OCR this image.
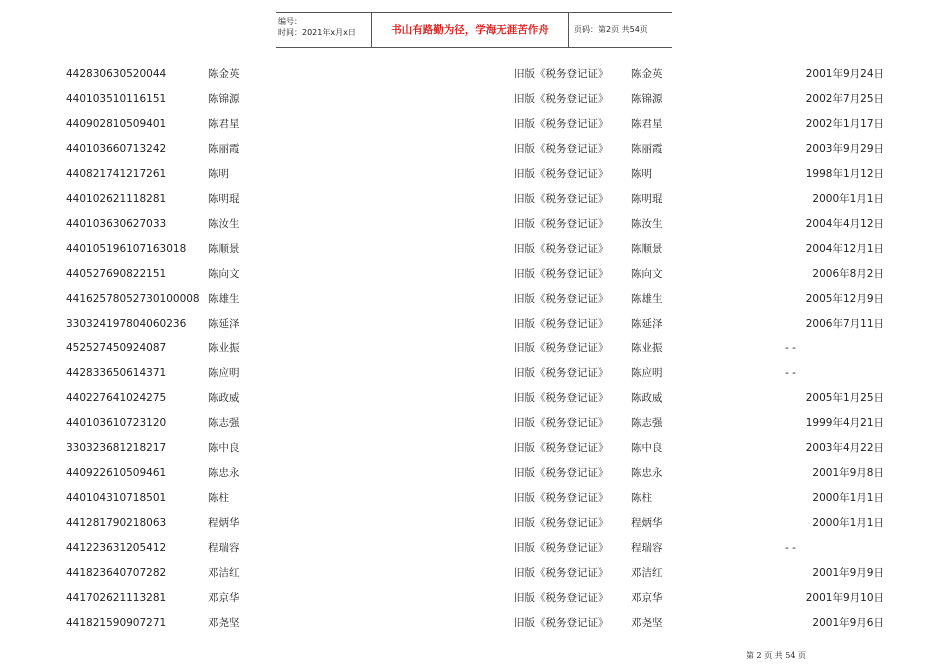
编号：
时间：2021年x月x日	书山有路勤为径，学海无涯苦作舟	页码：第2页 共54页
442830630520044	陈金英	旧版《税务登记证》 陈金英	2001年9月24日
440103510116151	陈锦源	旧版《税务登记证》 陈锦源	2002年7月25日
440902810509401	陈君星	旧版《税务登记证》 陈君星	2002年1月17日
440103660713242	陈丽霞	旧版《税务登记证》 陈丽霞	2003年9月29日
440821741217261	陈明	旧版《税务登记证》 陈明	1998年1月12日
440102621118281	陈明琨	旧版《税务登记证》 陈明琨	2000年1月1日
440103630627033	陈汝生	旧版《税务登记证》 陈汝生	2004年4月12日
440105196107163018 陈顺景	旧版《税务登记证》 陈顺景	2004年12月1日
440527690822151	陈向文	旧版《税务登记证》 陈向文	2006年8月2日
44162578052730100008 陈雄生	旧版《税务登记证》 陈雄生	2005年12月9日
330324197804060236 陈延泽	旧版《税务登记证》 陈延泽	2006年7月11日
452527450924087	陈业振	旧版《税务登记证》 陈业振	- -
442833650614371	陈应明	旧版《税务登记证》 陈应明	- -
440227641024275	陈政威	旧版《税务登记证》 陈政威	2005年1月25日
440103610723120	陈志强	旧版《税务登记证》 陈志强	1999年4月21日
330323681218217	陈中良	旧版《税务登记证》 陈中良	2003年4月22日
440922610509461	陈忠永	旧版《税务登记证》 陈忠永	2001年9月8日
440104310718501	陈柱	旧版《税务登记证》 陈柱	2000年1月1日
441281790218063	程炳华	旧版《税务登记证》 程炳华	2000年1月1日
441223631205412	程瑞容	旧版《税务登记证》 程瑞容	- -
441823640707282	邓洁红	旧版《税务登记证》 邓洁红	2001年9月9日
441702621113281	邓京华	旧版《税务登记证》 邓京华	2001年9月10日
441821590907271	邓尧坚	旧版《税务登记证》 邓尧坚	2001年9月6日
第 2 页 共 54 页
